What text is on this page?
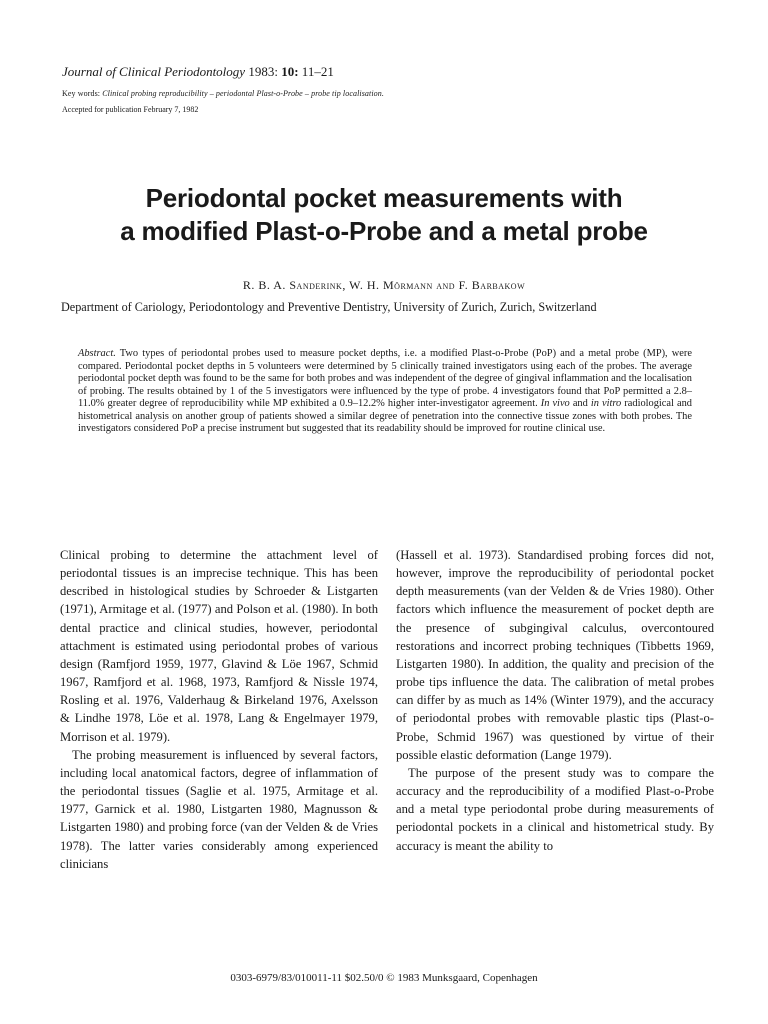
Journal of Clinical Periodontology 1983: 10: 11–21
Key words: Clinical probing reproducibility – periodontal Plast-o-Probe – probe tip localisation.
Accepted for publication February 7, 1982
Periodontal pocket measurements with
a modified Plast-o-Probe and a metal probe
R. B. A. Sanderink, W. H. Mörmann and F. Barbakow
Department of Cariology, Periodontology and Preventive Dentistry, University of Zurich, Zurich, Switzerland
Abstract. Two types of periodontal probes used to measure pocket depths, i.e. a modified Plast-o-Probe (PoP) and a metal probe (MP), were compared. Periodontal pocket depths in 5 volunteers were determined by 5 clinically trained investigators using each of the probes. The average periodontal pocket depth was found to be the same for both probes and was independent of the degree of gingival inflammation and the localisation of probing. The results obtained by 1 of the 5 investigators were influenced by the type of probe. 4 investigators found that PoP permitted a 2.8–11.0% greater degree of reproducibility while MP exhibited a 0.9–12.2% higher inter-investigator agreement. In vivo and in vitro radiological and histometrical analysis on another group of patients showed a similar degree of penetration into the connective tissue zones with both probes. The investigators considered PoP a precise instrument but suggested that its readability should be improved for routine clinical use.

Clinical probing to determine the attachment level of periodontal tissues is an imprecise technique. This has been described in histological studies by Schroeder & Listgarten (1971), Armitage et al. (1977) and Polson et al. (1980). In both dental practice and clinical studies, however, periodontal attachment is estimated using periodontal probes of various design (Ramfjord 1959, 1977, Glavind & Löe 1967, Schmid 1967, Ramfjord et al. 1968, 1973, Ramfjord & Nissle 1974, Rosling et al. 1976, Valderhaug & Birkeland 1976, Axelsson & Lindhe 1978, Löe et al. 1978, Lang & Engelmayer 1979, Morrison et al. 1979).

The probing measurement is influenced by several factors, including local anatomical factors, degree of inflammation of the periodontal tissues (Saglie et al. 1975, Armitage et al. 1977, Garnick et al. 1980, Listgarten 1980, Magnusson & Listgarten 1980) and probing force (van der Velden & de Vries 1978). The latter varies considerably among experienced clinicians

(Hassell et al. 1973). Standardised probing forces did not, however, improve the reproducibility of periodontal pocket depth measurements (van der Velden & de Vries 1980). Other factors which influence the measurement of pocket depth are the presence of subgingival calculus, overcontoured restorations and incorrect probing techniques (Tibbetts 1969, Listgarten 1980). In addition, the quality and precision of the probe tips influence the data. The calibration of metal probes can differ by as much as 14% (Winter 1979), and the accuracy of periodontal probes with removable plastic tips (Plast-o-Probe, Schmid 1967) was questioned by virtue of their possible elastic deformation (Lange 1979).

The purpose of the present study was to compare the accuracy and the reproducibility of a modified Plast-o-Probe and a metal type periodontal probe during measurements of periodontal pockets in a clinical and histometrical study. By accuracy is meant the ability to

0303-6979/83/010011-11 $02.50/0 © 1983 Munksgaard, Copenhagen
